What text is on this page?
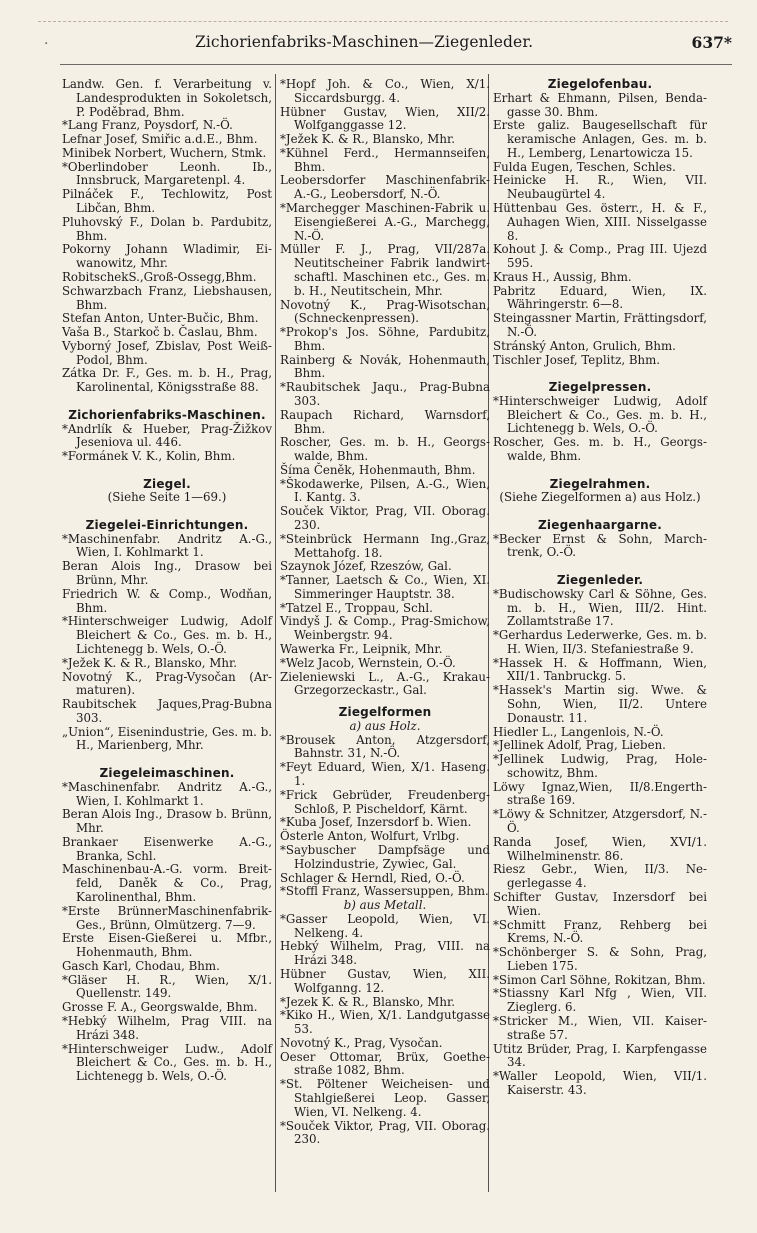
·	Zichorienfabriks-Maschinen—Ziegenleder.	637*
Landw. Gen. f. Verarbeitung v. Landesprodukten in Sokoletsch, P. Poděbrad, Bhm.
*Lang Franz, Poysdorf, N.-Ö.
Lefnar Josef, Smiřic a.d.E., Bhm.
Minibek Norbert, Wuchern, Stmk.
*Oberlindober Leonh. Ib., Innsbruck, Margaretenpl. 4.
Pilnáček F., Techlowitz, Post Libčan, Bhm.
Pluhovský F., Dolan b. Pardubitz, Bhm.
Pokorny Johann Wladimir, Eiwanowitz, Mhr.
RobitschekS.,Groß-Ossegg,Bhm.
Schwarzbach Franz, Liebshausen, Bhm.
Stefan Anton, Unter-Bučic, Bhm.
Vaša B., Starkoč b. Časlau, Bhm.
Vyborný Josef, Zbislav, Post Weiß-Podol, Bhm.
Zátka Dr. F., Ges. m. b. H., Prag, Karolinental, Königsstraße 88.
Zichorienfabriks-Maschinen.
*Andrlík & Hueber, Prag-Žižkov Jeseniova ul. 446.
*Formánek V. K., Kolin, Bhm.
Ziegel.
(Siehe Seite 1—69.)
Ziegelei-Einrichtungen.
*Maschinenfabr. Andritz A.-G., Wien, I. Kohlmarkt 1.
Beran Alois Ing., Drasow bei Brünn, Mhr.
Friedrich W. & Comp., Wodňan, Bhm.
*Hinterschweiger Ludwig, Adolf Bleichert & Co., Ges. m. b. H., Lichtenegg b. Wels, O.-Ö.
*Ježek K. & R., Blansko, Mhr.
Novotný K., Prag-Vysočan (Armaturen).
Raubitschek Jaques,Prag-Bubna 303.
„Union“, Eisenindustrie, Ges. m. b. H., Marienberg, Mhr.
Ziegeleimaschinen.
*Maschinenfabr. Andritz A.-G., Wien, I. Kohlmarkt 1.
Beran Alois Ing., Drasow b. Brünn, Mhr.
Brankaer Eisenwerke A.-G., Branka, Schl.
Maschinenbau-A.-G. vorm. Breitfeld, Daněk & Co., Prag, Karolinenthal, Bhm.
*Erste BrünnerMaschinenfabrik-Ges., Brünn, Olmützerg. 7—9.
Erste Eisen-Gießerei u. Mfbr., Hohenmauth, Bhm.
Gasch Karl, Chodau, Bhm.
*Gläser H. R., Wien, X/1. Quellenstr. 149.
Grosse F. A., Georgswalde, Bhm.
*Hebký Wilhelm, Prag VIII. na Hrázi 348.
*Hinterschweiger Ludw., Adolf Bleichert & Co., Ges. m. b. H., Lichtenegg b. Wels, O.-Ö.
*Hopf Joh. & Co., Wien, X/1. Siccardsburgg. 4.
Hübner Gustav, Wien, XII/2. Wolfganggasse 12.
*Ježek K. & R., Blansko, Mhr.
*Kühnel Ferd., Hermannseifen, Bhm.
Leobersdorfer Maschinenfabrik-A.-G., Leobersdorf, N.-Ö.
*Marchegger Maschinen-Fabrik u. Eisengießerei A.-G., Marchegg, N.-Ö.
Müller F. J., Prag, VII/287a. Neutitscheiner Fabrik landwirtschaftl. Maschinen etc., Ges. m. b. H., Neutitschein, Mhr.
Novotný K., Prag-Wisotschan, (Schneckenpressen).
*Prokop's Jos. Söhne, Pardubitz, Bhm.
Rainberg & Novák, Hohenmauth, Bhm.
*Raubitschek Jaqu., Prag-Bubna 303.
Raupach Richard, Warnsdorf, Bhm.
Roscher, Ges. m. b. H., Georgswalde, Bhm.
Šíma Čeněk, Hohenmauth, Bhm.
*Škodawerke, Pilsen, A.-G., Wien, I. Kantg. 3.
Souček Viktor, Prag, VII. Oborag. 230.
*Steinbrück Hermann Ing.,Graz, Mettahofg. 18.
Szaynok Józef, Rzeszów, Gal.
*Tanner, Laetsch & Co., Wien, XI. Simmeringer Hauptstr. 38.
*Tatzel E., Troppau, Schl.
Vindyš J. & Comp., Prag-Smichow, Weinbergstr. 94.
Wawerka Fr., Leipnik, Mhr.
*Welz Jacob, Wernstein, O.-Ö.
Zieleniewski L., A.-G., Krakau-Grzegorzeckastr., Gal.
Ziegelformen
a) aus Holz.
*Brousek Anton, Atzgersdorf, Bahnstr. 31, N.-Ö.
*Feyt Eduard, Wien, X/1. Haseng. 1.
*Frick Gebrüder, Freudenberg-Schloß, P. Pischeldorf, Kärnt.
*Kuba Josef, Inzersdorf b. Wien.
Österle Anton, Wolfurt, Vrlbg.
*Saybuscher Dampfsäge und Holzindustrie, Zywiec, Gal.
Schlager & Herndl, Ried, O.-Ö.
*Stoffl Franz, Wassersuppen, Bhm.
b) aus Metall.
*Gasser Leopold, Wien, VI. Nelkeng. 4.
Hebký Wilhelm, Prag, VIII. na Hrázi 348.
Hübner Gustav, Wien, XII. Wolfganng. 12.
*Jezek K. & R., Blansko, Mhr.
*Kiko H., Wien, X/1. Landgutgasse 53.
Novotný K., Prag, Vysočan.
Oeser Ottomar, Brüx, Goethestraße 1082, Bhm.
*St. Pöltener Weicheisen- und Stahlgießerei Leop. Gasser, Wien, VI. Nelkeng. 4.
*Souček Viktor, Prag, VII. Oborag. 230.
Ziegelofenbau.
Erhart & Ehmann, Pilsen, Bendagasse 30. Bhm.
Erste galiz. Baugesellschaft für keramische Anlagen, Ges. m. b. H., Lemberg, Lenartowicza 15.
Fulda Eugen, Teschen, Schles.
Heinicke H. R., Wien, VII. Neubaugürtel 4.
Hüttenbau Ges. österr., H. & F., Auhagen Wien, XIII. Nisselgasse 8.
Kohout J. & Comp., Prag III. Ujezd 595.
Kraus H., Aussig, Bhm.
Pabritz Eduard, Wien, IX. Währingerstr. 6—8.
Steingassner Martin, Frättingsdorf, N.-Ö.
Stránský Anton, Grulich, Bhm.
Tischler Josef, Teplitz, Bhm.
Ziegelpressen.
*Hinterschweiger Ludwig, Adolf Bleichert & Co., Ges. m. b. H., Lichtenegg b. Wels, O.-Ö.
Roscher, Ges. m. b. H., Georgswalde, Bhm.
Ziegelrahmen.
(Siehe Ziegelformen a) aus Holz.)
Ziegenhaargarne.
*Becker Ernst & Sohn, Marchtrenk, O.-Ö.
Ziegenleder.
*Budischowsky Carl & Söhne, Ges. m. b. H., Wien, III/2. Hint. Zollamtstraße 17.
*Gerhardus Lederwerke, Ges. m. b. H. Wien, II/3. Stefaniestraße 9.
*Hassek H. & Hoffmann, Wien, XII/1. Tanbruckg. 5.
*Hassek's Martin sig. Wwe. & Sohn, Wien, II/2. Untere Donaustr. 11.
Hiedler L., Langenlois, N.-Ö.
*Jellinek Adolf, Prag, Lieben.
*Jellinek Ludwig, Prag, Holeschowitz, Bhm.
Löwy Ignaz,Wien, II/8.Engerthstraße 169.
*Löwy & Schnitzer, Atzgersdorf, N.-Ö.
Randa Josef, Wien, XVI/1. Wilhelminenstr. 86.
Riesz Gebr., Wien, II/3. Negerlegasse 4.
Schifter Gustav, Inzersdorf bei Wien.
*Schmitt Franz, Rehberg bei Krems, N.-Ö.
*Schönberger S. & Sohn, Prag, Lieben 175.
*Simon Carl Söhne, Rokitzan, Bhm.
*Stiassny Karl Nfg , Wien, VII. Zieglerg. 6.
*Stricker M., Wien, VII. Kaiserstraße 57.
Utitz Brüder, Prag, I. Karpfengasse 34.
*Waller Leopold, Wien, VII/1. Kaiserstr. 43.
